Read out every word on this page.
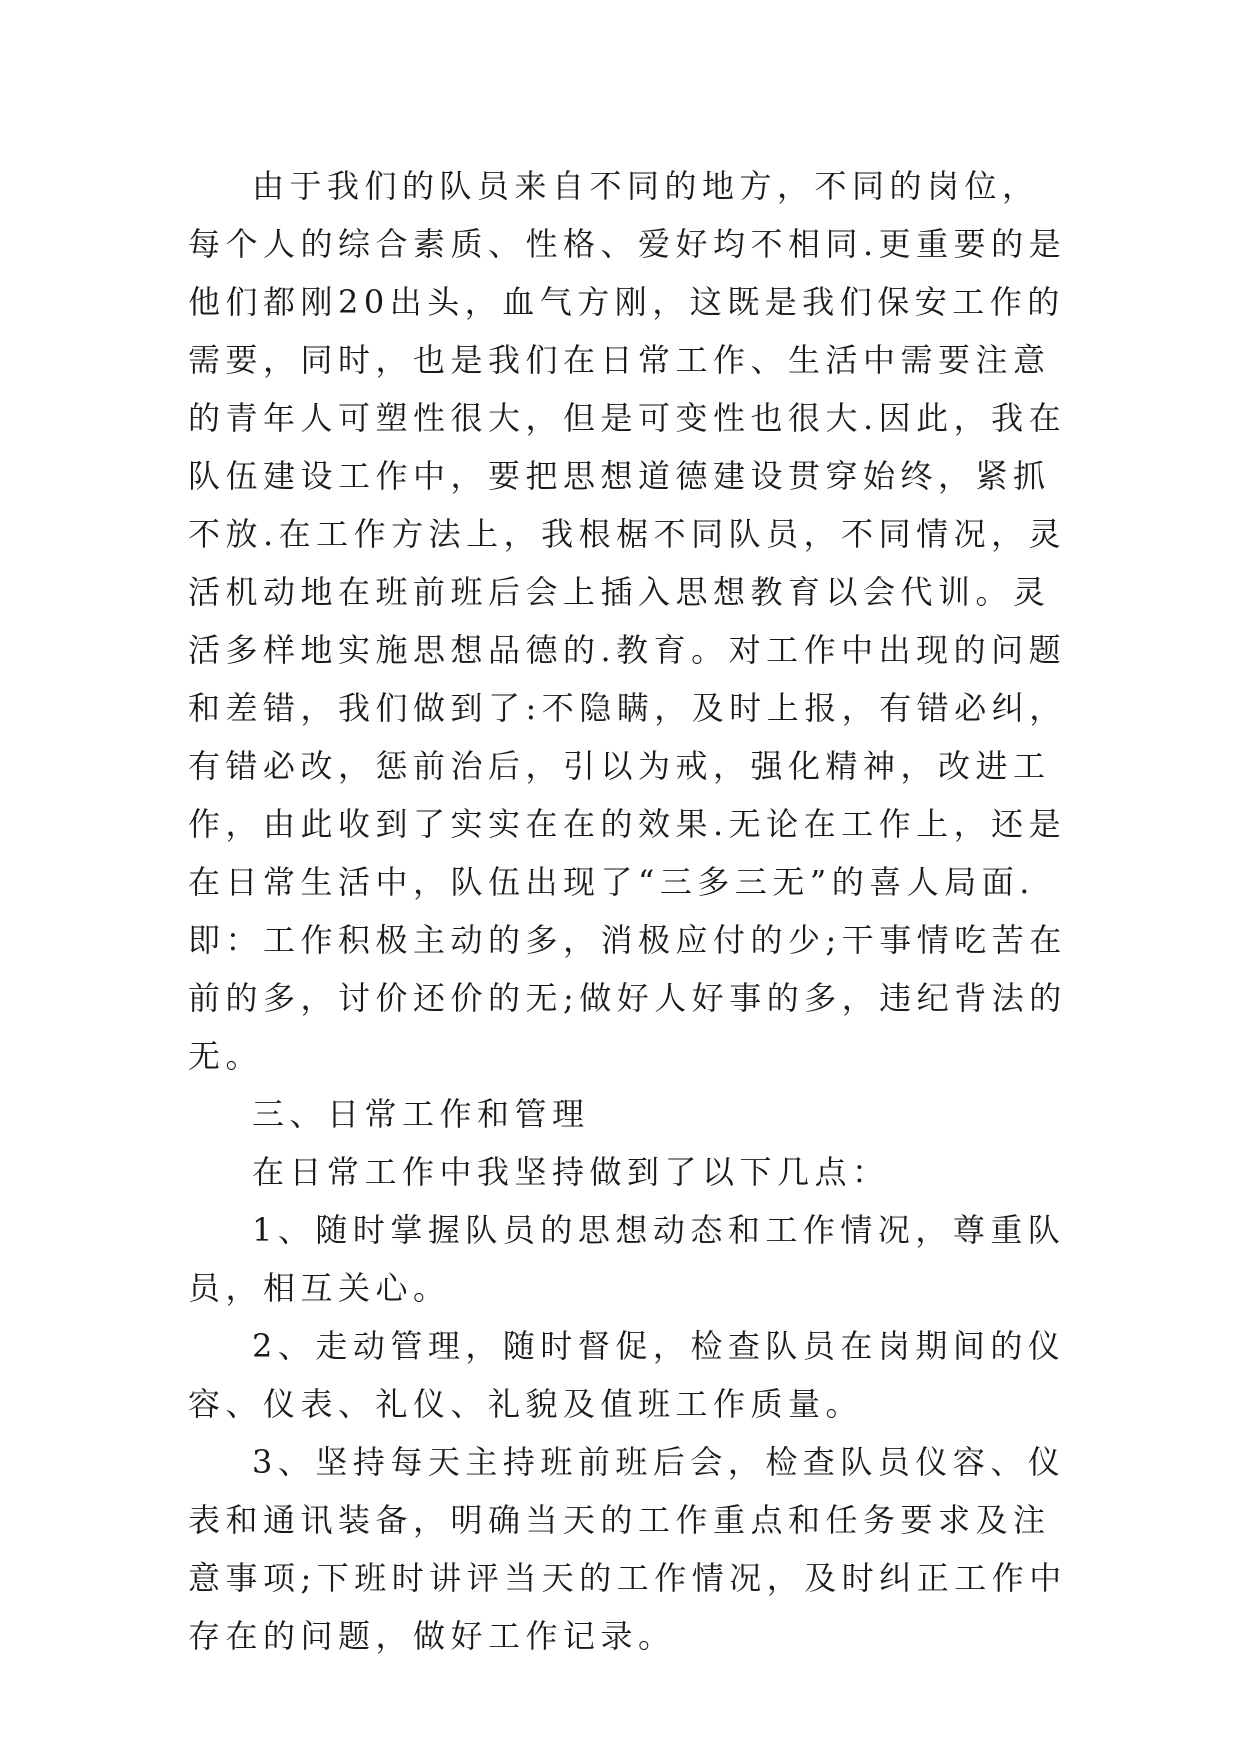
由于我们的队员来自不同的地方，不同的岗位，每个人的综合素质、性格、爱好均不相同.更重要的是他们都刚20出头，血气方刚，这既是我们保安工作的需要，同时，也是我们在日常工作、生活中需要注意的青年人可塑性很大，但是可变性也很大.因此，我在队伍建设工作中，要把思想道德建设贯穿始终，紧抓不放.在工作方法上，我根椐不同队员，不同情况，灵活机动地在班前班后会上插入思想教育以会代训。灵活多样地实施思想品德的.教育。对工作中出现的问题和差错，我们做到了:不隐瞒，及时上报，有错必纠，有错必改，惩前治后，引以为戒，强化精神，改进工作，由此收到了实实在在的效果.无论在工作上，还是在日常生活中，队伍出现了“三多三无”的喜人局面.即：工作积极主动的多，消极应付的少;干事情吃苦在前的多，讨价还价的无;做好人好事的多，违纪背法的无。

三、日常工作和管理

在日常工作中我坚持做到了以下几点：

1、随时掌握队员的思想动态和工作情况，尊重队员，相互关心。

2、走动管理，随时督促，检查队员在岗期间的仪容、仪表、礼仪、礼貌及值班工作质量。

3、坚持每天主持班前班后会，检查队员仪容、仪表和通讯装备，明确当天的工作重点和任务要求及注意事项;下班时讲评当天的工作情况，及时纠正工作中存在的问题，做好工作记录。
